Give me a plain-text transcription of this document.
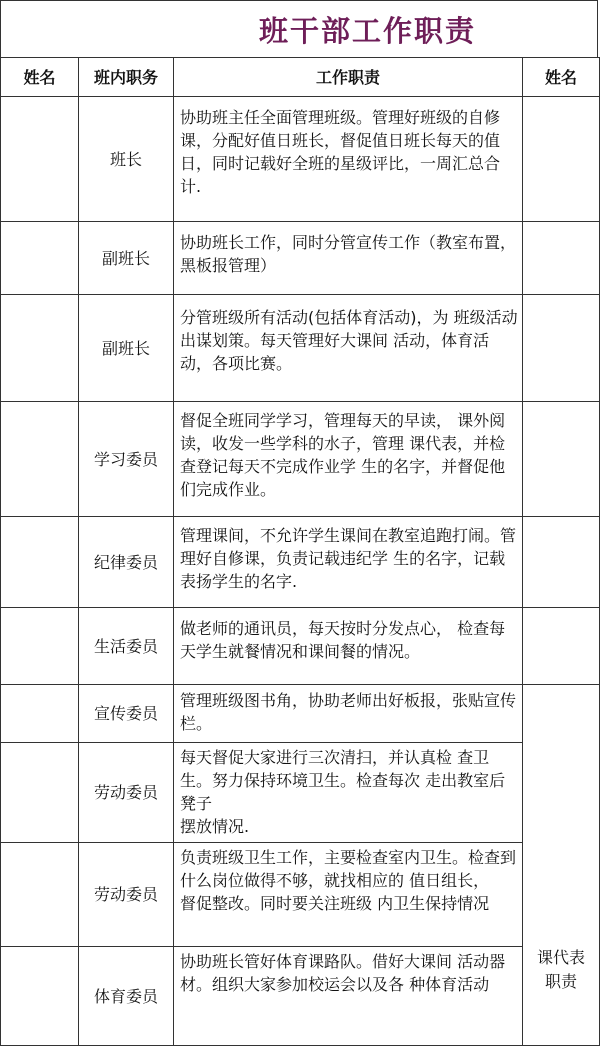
班干部工作职责
姓名	班内职务	工作职责	姓名
	班长	协助班主任全面管理班级。管理好班级的自修课，分配好值日班长，督促值日班长每天的值日，同时记载好全班的星级评比，一周汇总合计.	

	副班长	协助班长工作，同时分管宣传工作（教室布置，黑板报管理）	

	副班长	分管班级所有活动(包括体育活动)，为 班级活动出谋划策。每天管理好大课间 活动，体育活动，各项比赛。	

	学习委员	督促全班同学学习，管理每天的早读， 课外阅读，收发一些学科的水子，管理 课代表，并检查登记每天不完成作业学 生的名字，并督促他们完成作业。	

	纪律委员	管理课间，不允许学生课间在教室追跑打闹。管理好自修课，负责记载违纪学 生的名字，记载表扬学生的名字.	

	生活委员	做老师的通讯员，每天按时分发点心， 检查每天学生就餐情况和课间餐的情况。	

	宣传委员	管理班级图书角，协助老师出好板报，张贴宣传栏。	课代表职责

	劳动委员	每天督促大家进行三次清扫，并认真检 查卫生。努力保持环境卫生。检查每次 走出教室后凳子
摆放情况.	

	劳动委员	负责班级卫生工作，主要检查室内卫生。检查到什么岗位做得不够，就找相应的 值日组长，
督促整改。同时要关注班级 内卫生保持情况	

	体育委员	协助班长管好体育课路队。借好大课间 活动器
材。组织大家参加校运会以及各 种体育活动	
